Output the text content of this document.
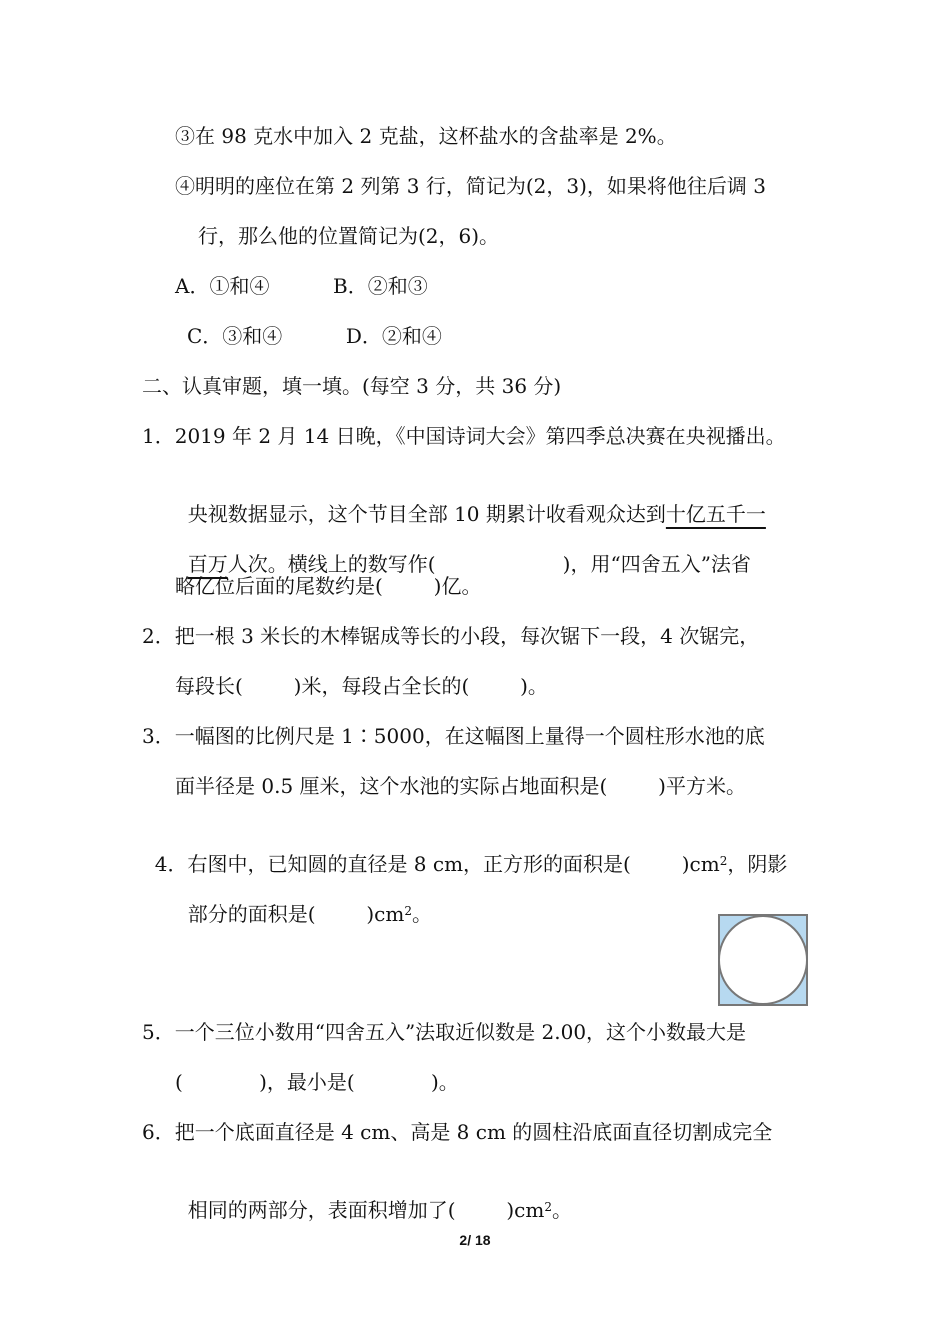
③在 98 克水中加入 2 克盐，这杯盐水的含盐率是 2%。
④明明的座位在第 2 列第 3 行，简记为(2，3)，如果将他往后调 3
行，那么他的位置简记为(2，6)。
A．①和④          B．②和③
C．③和④          D．②和④
二、认真审题，填一填。(每空 3 分，共 36 分)
1．2019 年 2 月 14 日晚，《中国诗词大会》第四季总决赛在央视播出。

央视数据显示，这个节目全部 10 期累计收看观众达到十亿五千一

百万人次。横线上的数写作(                    )，用“四舍五入”法省

略亿位后面的尾数约是(        )亿。
2．把一根 3 米长的木棒锯成等长的小段，每次锯下一段，4 次锯完，
每段长(        )米，每段占全长的(        )。
3．一幅图的比例尺是 1∶5000，在这幅图上量得一个圆柱形水池的底
面半径是 0.5 厘米，这个水池的实际占地面积是(        )平方米。

4．右图中，已知圆的直径是 8 cm，正方形的面积是(        )$cm^2$，阴影

部分的面积是(        )$cm^2$。

5．一个三位小数用“四舍五入”法取近似数是 2.00，这个小数最大是
(            )，最小是(            )。
6．把一个底面直径是 4 cm、高是 8 cm 的圆柱沿底面直径切割成完全

相同的两部分，表面积增加了(        )$cm^2$。

2/ 18
